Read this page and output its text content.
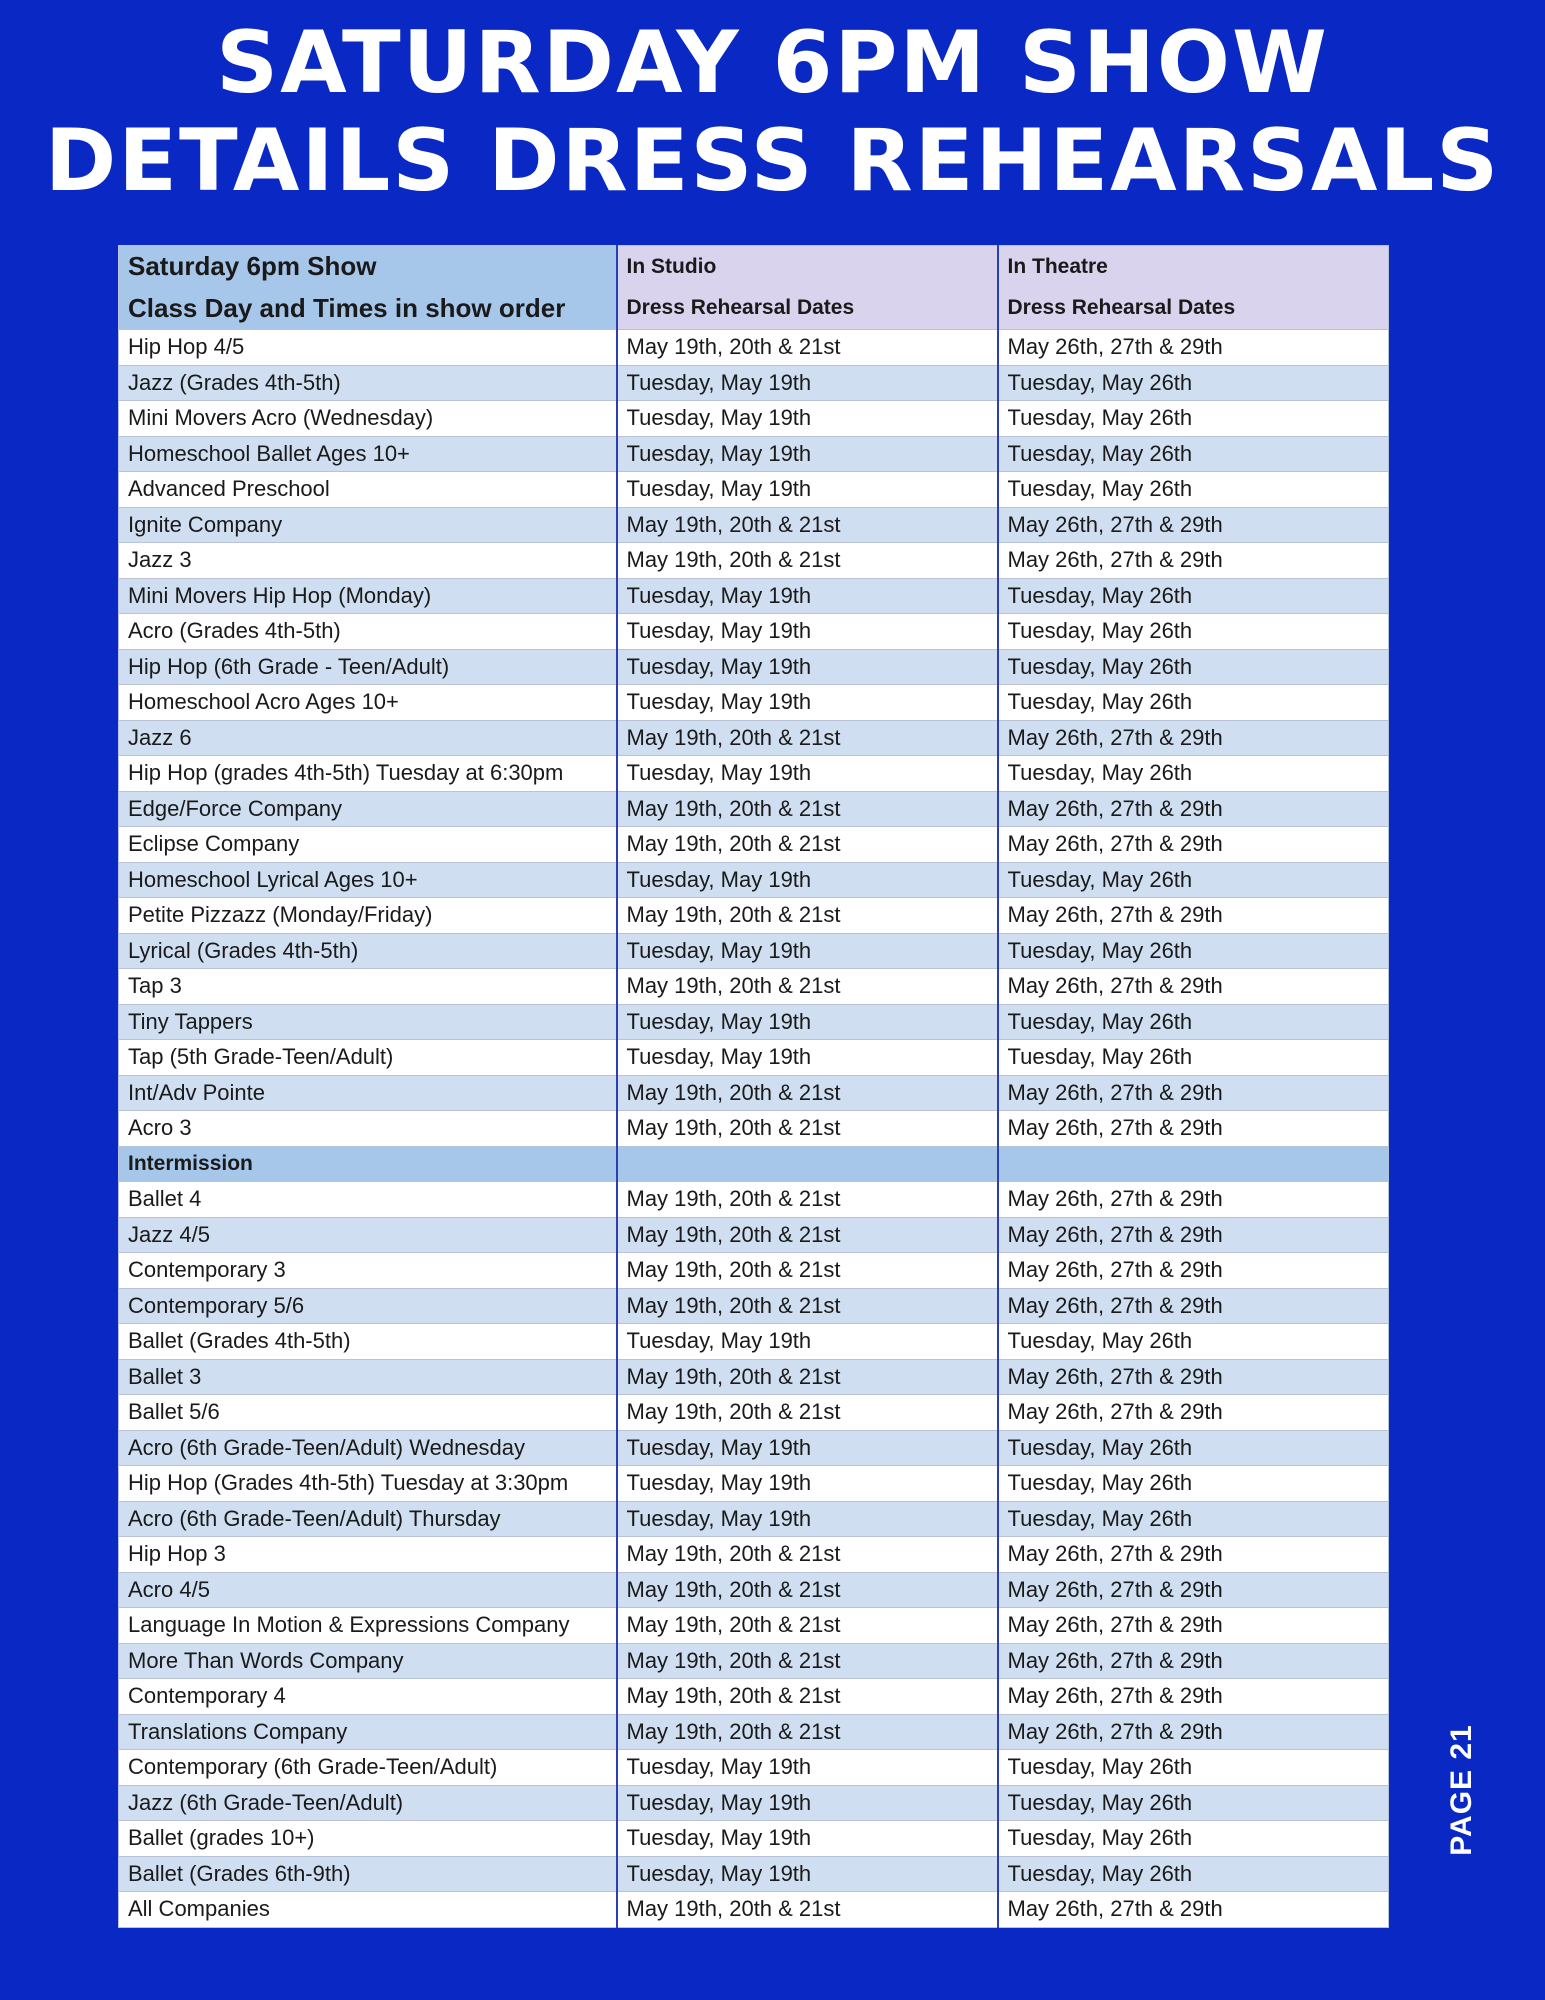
SATURDAY 6PM SHOW
DETAILS DRESS REHEARSALS
Saturday 6pm Show	In Studio	In Theatre
Class Day and Times in show order	Dress Rehearsal Dates	Dress Rehearsal Dates
Hip Hop 4/5	May 19th, 20th & 21st	May 26th, 27th & 29th
Jazz (Grades 4th-5th)	Tuesday, May 19th	Tuesday, May 26th
Mini Movers Acro (Wednesday)	Tuesday, May 19th	Tuesday, May 26th
Homeschool Ballet Ages 10+	Tuesday, May 19th	Tuesday, May 26th
Advanced Preschool	Tuesday, May 19th	Tuesday, May 26th
Ignite Company	May 19th, 20th & 21st	May 26th, 27th & 29th
Jazz 3	May 19th, 20th & 21st	May 26th, 27th & 29th
Mini Movers Hip Hop (Monday)	Tuesday, May 19th	Tuesday, May 26th
Acro (Grades 4th-5th)	Tuesday, May 19th	Tuesday, May 26th
Hip Hop (6th Grade - Teen/Adult)	Tuesday, May 19th	Tuesday, May 26th
Homeschool Acro Ages 10+	Tuesday, May 19th	Tuesday, May 26th
Jazz 6	May 19th, 20th & 21st	May 26th, 27th & 29th
Hip Hop (grades 4th-5th) Tuesday at 6:30pm	Tuesday, May 19th	Tuesday, May 26th
Edge/Force Company	May 19th, 20th & 21st	May 26th, 27th & 29th
Eclipse Company	May 19th, 20th & 21st	May 26th, 27th & 29th
Homeschool Lyrical Ages 10+	Tuesday, May 19th	Tuesday, May 26th
Petite Pizzazz (Monday/Friday)	May 19th, 20th & 21st	May 26th, 27th & 29th
Lyrical (Grades 4th-5th)	Tuesday, May 19th	Tuesday, May 26th
Tap 3	May 19th, 20th & 21st	May 26th, 27th & 29th
Tiny Tappers	Tuesday, May 19th	Tuesday, May 26th
Tap (5th Grade-Teen/Adult)	Tuesday, May 19th	Tuesday, May 26th
Int/Adv Pointe	May 19th, 20th & 21st	May 26th, 27th & 29th
Acro 3	May 19th, 20th & 21st	May 26th, 27th & 29th
Intermission		
Ballet 4	May 19th, 20th & 21st	May 26th, 27th & 29th
Jazz 4/5	May 19th, 20th & 21st	May 26th, 27th & 29th
Contemporary 3	May 19th, 20th & 21st	May 26th, 27th & 29th
Contemporary 5/6	May 19th, 20th & 21st	May 26th, 27th & 29th
Ballet (Grades 4th-5th)	Tuesday, May 19th	Tuesday, May 26th
Ballet 3	May 19th, 20th & 21st	May 26th, 27th & 29th
Ballet 5/6	May 19th, 20th & 21st	May 26th, 27th & 29th
Acro (6th Grade-Teen/Adult) Wednesday	Tuesday, May 19th	Tuesday, May 26th
Hip Hop (Grades 4th-5th) Tuesday at 3:30pm	Tuesday, May 19th	Tuesday, May 26th
Acro (6th Grade-Teen/Adult) Thursday	Tuesday, May 19th	Tuesday, May 26th
Hip Hop 3	May 19th, 20th & 21st	May 26th, 27th & 29th
Acro 4/5	May 19th, 20th & 21st	May 26th, 27th & 29th
Language In Motion & Expressions Company	May 19th, 20th & 21st	May 26th, 27th & 29th
More Than Words Company	May 19th, 20th & 21st	May 26th, 27th & 29th
Contemporary 4	May 19th, 20th & 21st	May 26th, 27th & 29th
Translations Company	May 19th, 20th & 21st	May 26th, 27th & 29th
Contemporary (6th Grade-Teen/Adult)	Tuesday, May 19th	Tuesday, May 26th
Jazz (6th Grade-Teen/Adult)	Tuesday, May 19th	Tuesday, May 26th
Ballet (grades 10+)	Tuesday, May 19th	Tuesday, May 26th
Ballet (Grades 6th-9th)	Tuesday, May 19th	Tuesday, May 26th
All Companies	May 19th, 20th & 21st	May 26th, 27th & 29th
PAGE 21
